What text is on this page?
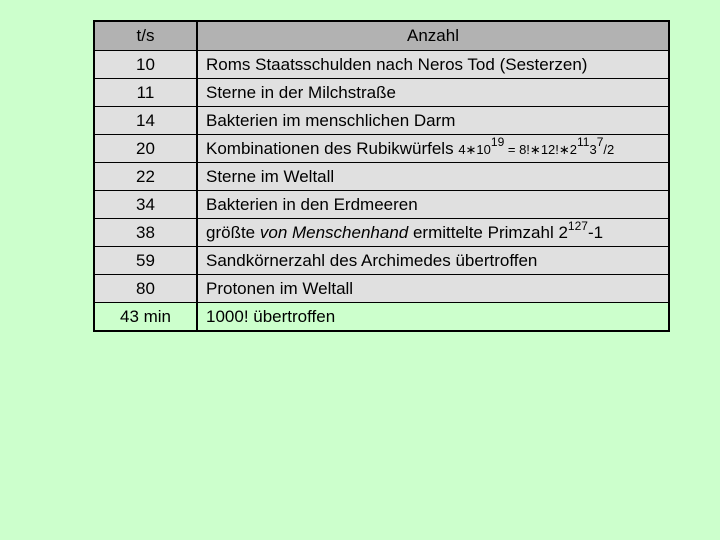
t/s	Anzahl
10	Roms Staatsschulden nach Neros Tod (Sesterzen)
11	Sterne in der Milchstraße
14	Bakterien im menschlichen Darm
20	Kombinationen des Rubikwürfels 4∗1019 = 8!∗12!∗21137/2
22	Sterne im Weltall
34	Bakterien in den Erdmeeren
38	größte von Menschenhand ermittelte Primzahl $2^{127}-1$
59	Sandkörnerzahl des Archimedes übertroffen
80	Protonen im Weltall
43 min	1000! übertroffen
